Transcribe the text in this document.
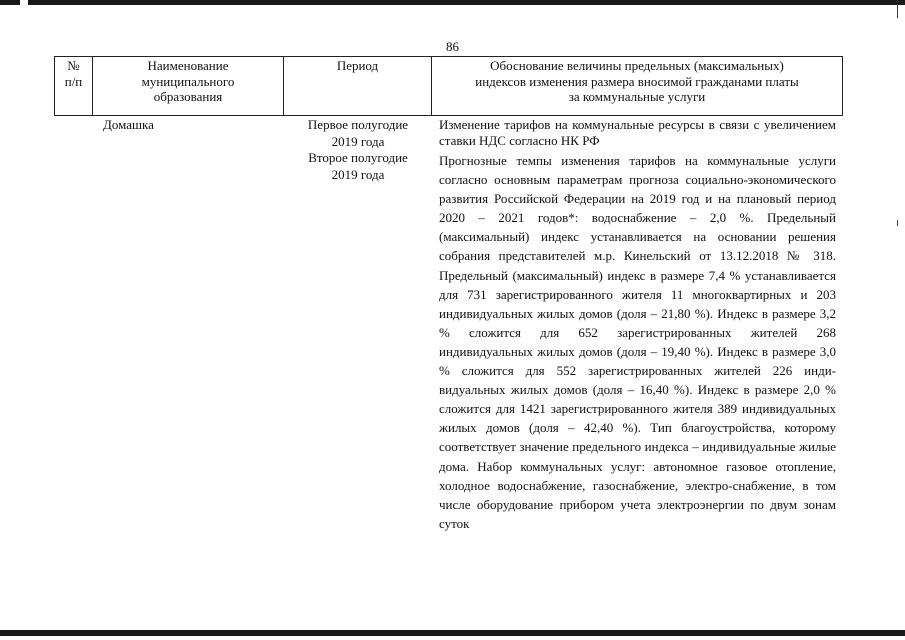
86
№
п/п
Наименование
муниципального
образования
Период	Обоснование величины предельных (максимальных)
индексов изменения размера вносимой гражданами платы
за коммунальные услуги
Домашка	Первое полугодие
2019 года
Второе полугодие
2019 года

Изменение тарифов на коммунальные ресурсы в связи с увеличением ставки НДС согласно НК РФ

Прогнозные темпы изменения тарифов на коммунальные услуги согласно основным параметрам прогноза социально-экономического развития Российской Федерации на 2019 год и на плановый период 2020 – 2021 годов*: водоснабжение – 2,0 %. Предельный (максимальный) индекс устанавливается на основании решения собрания представителей м.р. Кинельский от 13.12.2018 № 318. Предельный (максимальный) индекс в размере 7,4 % устанавливается для 731 зарегистрированного жителя 11 многоквартирных и 203 индивидуальных жилых домов (доля – 21,80 %). Индекс в размере 3,2 % сложится для 652 зарегистрированных жителей 268 индивидуальных жилых домов (доля – 19,40 %). Индекс в размере 3,0 % сложится для 552 зарегистрированных жителей 226 инди-видуальных жилых домов (доля – 16,40 %). Индекс в размере 2,0 % сложится для 1421 зарегистрированного жителя 389 индивидуальных жилых домов (доля – 42,40 %). Тип благоустройства, которому соответствует значение предельного индекса – индивидуальные жилые дома. Набор коммунальных услуг: автономное газовое отопление, холодное водоснабжение, газоснабжение, электро-снабжение, в том числе оборудование прибором учета электроэнергии по двум зонам суток
